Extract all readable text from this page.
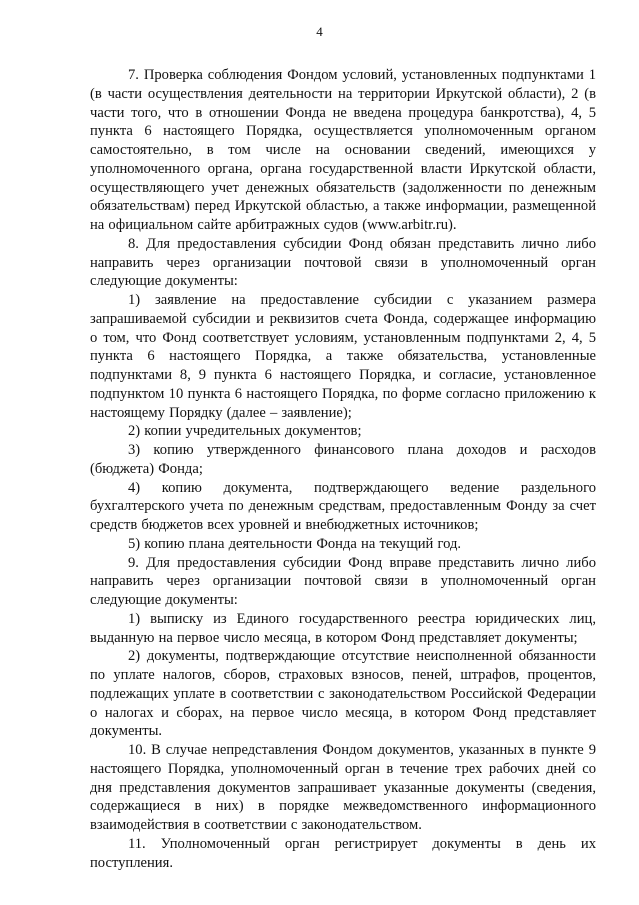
4

7. Проверка соблюдения Фондом условий, установленных подпунктами 1 (в части осуществления деятельности на территории Иркутской области), 2 (в части того, что в отношении Фонда не введена процедура банкротства), 4, 5 пункта 6 настоящего Порядка, осуществляется уполномоченным органом самостоятельно, в том числе на основании сведений, имеющихся у уполномоченного органа, органа государственной власти Иркутской области, осуществляющего учет денежных обязательств (задолженности по денежным обязательствам) перед Иркутской областью, а также информации, размещенной на официальном сайте арбитражных судов (www.arbitr.ru).

8. Для предоставления субсидии Фонд обязан представить лично либо направить через организации почтовой связи в уполномоченный орган следующие документы:

1) заявление на предоставление субсидии с указанием размера запрашиваемой субсидии и реквизитов счета Фонда, содержащее информацию о том, что Фонд соответствует условиям, установленным подпунктами 2, 4, 5 пункта 6 настоящего Порядка, а также обязательства, установленные подпунктами 8, 9 пункта 6 настоящего Порядка, и согласие, установленное подпунктом 10 пункта 6 настоящего Порядка, по форме согласно приложению к настоящему Порядку (далее – заявление);

2) копии учредительных документов;

3) копию утвержденного финансового плана доходов и расходов (бюджета) Фонда;

4) копию документа, подтверждающего ведение раздельного бухгалтерского учета по денежным средствам, предоставленным Фонду за счет средств бюджетов всех уровней и внебюджетных источников;

5) копию плана деятельности Фонда на текущий год.

9. Для предоставления субсидии Фонд вправе представить лично либо направить через организации почтовой связи в уполномоченный орган следующие документы:

1) выписку из Единого государственного реестра юридических лиц, выданную на первое число месяца, в котором Фонд представляет документы;

2) документы, подтверждающие отсутствие неисполненной обязанности по уплате налогов, сборов, страховых взносов, пеней, штрафов, процентов, подлежащих уплате в соответствии с законодательством Российской Федерации о налогах и сборах, на первое число месяца, в котором Фонд представляет документы.

10. В случае непредставления Фондом документов, указанных в пункте 9 настоящего Порядка, уполномоченный орган в течение трех рабочих дней со дня представления документов запрашивает указанные документы (сведения, содержащиеся в них) в порядке межведомственного информационного взаимодействия в соответствии с законодательством.

11. Уполномоченный орган регистрирует документы в день их поступления.
